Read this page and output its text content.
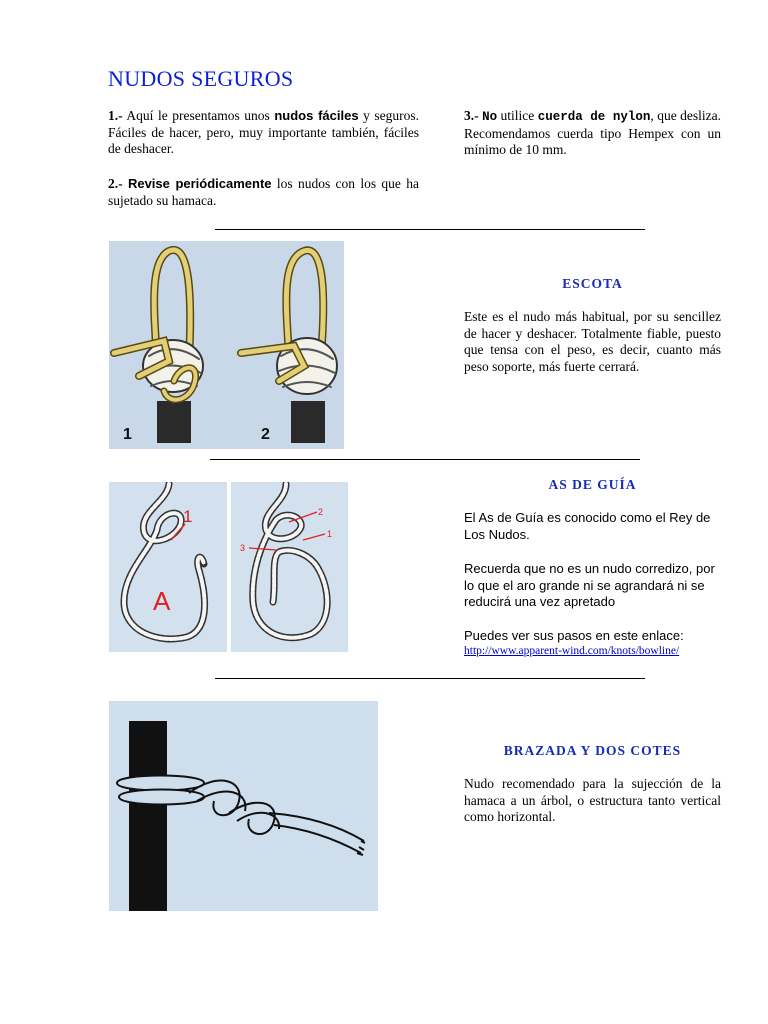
NUDOS SEGUROS
1.- Aquí le presentamos unos nudos fáciles y seguros. Fáciles de hacer, pero, muy importante también, fáciles de deshacer.
2.- Revise periódicamente los nudos con los que ha sujetado su hamaca.
3.- No utilice cuerda de nylon, que desliza. Recomendamos cuerda tipo Hempex con un mínimo de 10 mm.
1	2
ESCOTA
Este es el nudo más habitual, por su sencillez de hacer y deshacer. Totalmente fiable, puesto que tensa con el peso, es decir, cuanto más peso soporte, más fuerte cerrará.
1
A
2
1
3
AS DE GUÍA
El As de Guía es conocido como el Rey de Los Nudos.
Recuerda que no es un nudo corredizo, por lo que el aro grande ni se agrandará ni se reducirá una vez apretado
Puedes ver sus pasos en este enlace:
http://www.apparent-wind.com/knots/bowline/
BRAZADA Y DOS COTES
Nudo recomendado para la sujección de la hamaca a un árbol, o estructura tanto vertical como horizontal.
